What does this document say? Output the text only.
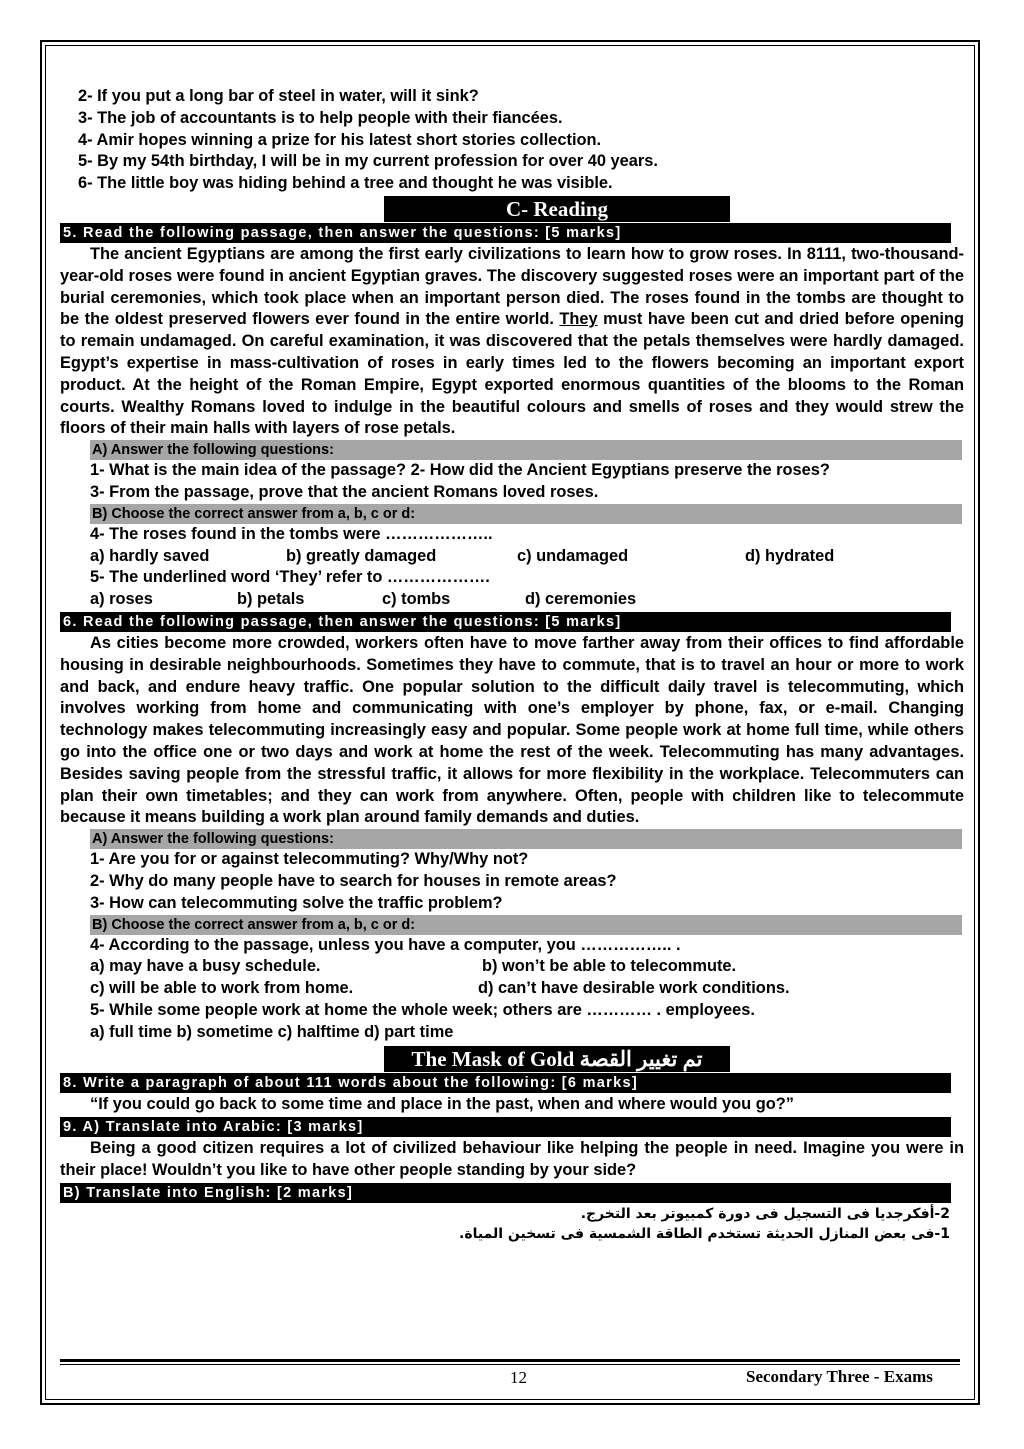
2- If you put a long bar of steel in water, will it sink?
3- The job of accountants is to help people with their fiancées.
4- Amir hopes winning a prize for his latest short stories collection.
5- By my 54th birthday, I will be in my current profession for over 40 years.
6- The little boy was hiding behind a tree and thought he was visible.
C- Reading
5. Read the following passage, then answer the questions: [5 marks]
The ancient Egyptians are among the first early civilizations to learn how to grow roses. In 8111, two-thousand-year-old roses were found in ancient Egyptian graves. The discovery suggested roses were an important part of the burial ceremonies, which took place when an important person died. The roses found in the tombs are thought to be the oldest preserved flowers ever found in the entire world. They must have been cut and dried before opening to remain undamaged. On careful examination, it was discovered that the petals themselves were hardly damaged. Egypt’s expertise in mass-cultivation of roses in early times led to the flowers becoming an important export product. At the height of the Roman Empire, Egypt exported enormous quantities of the blooms to the Roman courts. Wealthy Romans loved to indulge in the beautiful colours and smells of roses and they would strew the floors of their main halls with layers of rose petals.
A) Answer the following questions:
1- What is the main idea of the passage? 2- How did the Ancient Egyptians preserve the roses?
3- From the passage, prove that the ancient Romans loved roses.
B) Choose the correct answer from a, b, c or d:
4- The roses found in the tombs were ………………..
a) hardly saved	b) greatly damaged	c) undamaged	d) hydrated
5- The underlined word ‘They’ refer to ……………….
a) roses	b) petals	c) tombs	d) ceremonies
6. Read the following passage, then answer the questions: [5 marks]
As cities become more crowded, workers often have to move farther away from their offices to find affordable housing in desirable neighbourhoods. Sometimes they have to commute, that is to travel an hour or more to work and back, and endure heavy traffic. One popular solution to the difficult daily travel is telecommuting, which involves working from home and communicating with one’s employer by phone, fax, or e-mail. Changing technology makes telecommuting increasingly easy and popular. Some people work at home full time, while others go into the office one or two days and work at home the rest of the week. Telecommuting has many advantages. Besides saving people from the stressful traffic, it allows for more flexibility in the workplace. Telecommuters can plan their own timetables; and they can work from anywhere. Often, people with children like to telecommute because it means building a work plan around family demands and duties.
A) Answer the following questions:
1- Are you for or against telecommuting? Why/Why not?
2- Why do many people have to search for houses in remote areas?
3- How can telecommuting solve the traffic problem?
B) Choose the correct answer from a, b, c or d:
4- According to the passage, unless you have a computer, you …………….. .
a) may have a busy schedule.	b) won’t be able to telecommute.
c) will be able to work from home.	d) can’t have desirable work conditions.
5- While some people work at home the whole week; others are ………… . employees.
a) full time b) sometime c) halftime d) part time
The Mask of Gold تم تغيير القصة
8. Write a paragraph of about 111 words about the following: [6 marks]
“If you could go back to some time and place in the past, when and where would you go?”
9. A) Translate into Arabic: [3 marks]
Being a good citizen requires a lot of civilized behaviour like helping the people in need. Imagine you were in their place! Wouldn’t you like to have other people standing by your side?
B) Translate into English: [2 marks]
2-أفكرجديا فى التسجيل فى دورة كمبيوتر بعد التخرج.
1-فى بعض المنازل الحديثة تستخدم الطاقة الشمسية فى تسخين المياة.
12	Secondary Three - Exams
